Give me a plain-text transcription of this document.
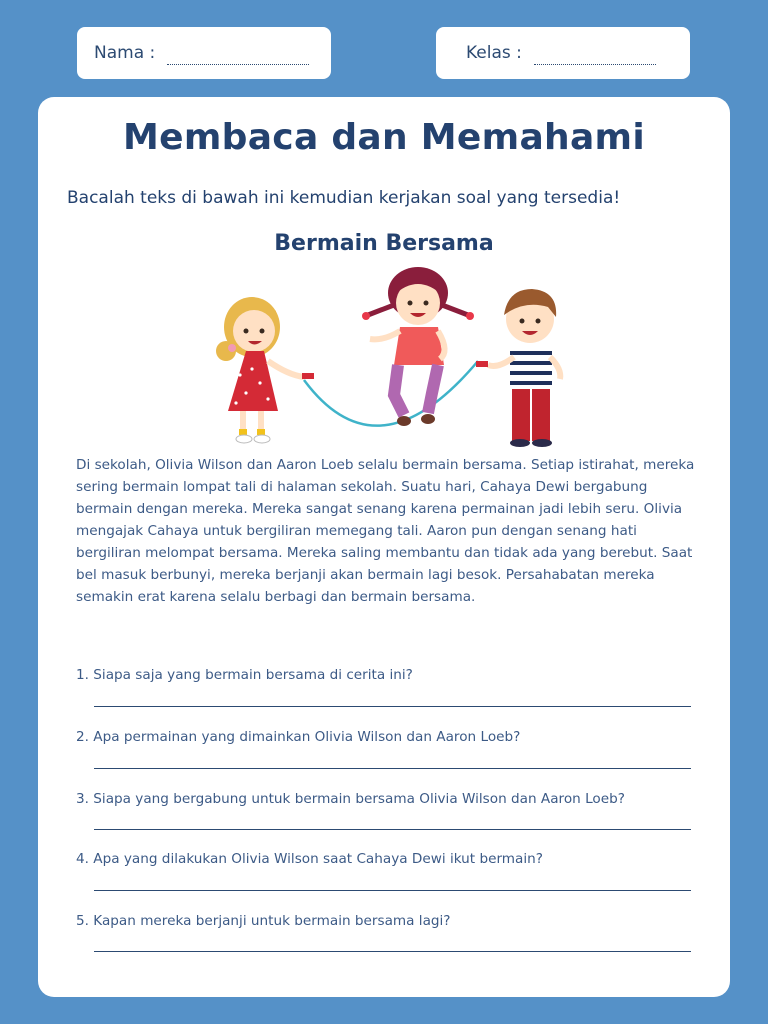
Nama :	Kelas :
Membaca dan Memahami

Bacalah teks di bawah ini kemudian kerjakan soal yang tersedia!

Bermain Bersama

Di sekolah, Olivia Wilson dan Aaron Loeb selalu bermain bersama. Setiap istirahat, mereka sering bermain lompat tali di halaman sekolah. Suatu hari, Cahaya Dewi bergabung bermain dengan mereka. Mereka sangat senang karena permainan jadi lebih seru. Olivia mengajak Cahaya untuk bergiliran memegang tali. Aaron pun dengan senang hati bergiliran melompat bersama. Mereka saling membantu dan tidak ada yang berebut. Saat bel masuk berbunyi, mereka berjanji akan bermain lagi besok. Persahabatan mereka semakin erat karena selalu berbagi dan bermain bersama.

1. Siapa saja yang bermain bersama di cerita ini?

2. Apa permainan yang dimainkan Olivia Wilson dan Aaron Loeb?

3. Siapa yang bergabung untuk bermain bersama Olivia Wilson dan Aaron Loeb?

4. Apa yang dilakukan Olivia Wilson saat Cahaya Dewi ikut bermain?

5. Kapan mereka berjanji untuk bermain bersama lagi?
